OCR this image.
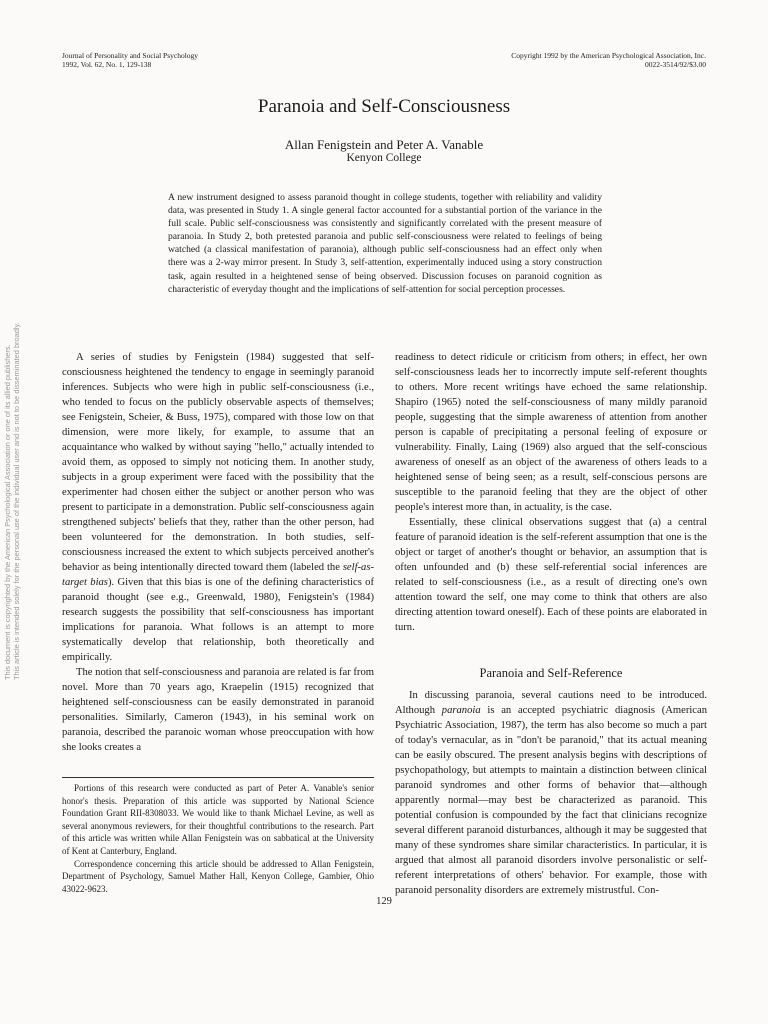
This document is copyrighted by the American Psychological Association or one of its allied publishers. This article is intended solely for the personal use of the individual user and is not to be disseminated broadly.
Journal of Personality and Social Psychology
1992, Vol. 62, No. 1, 129-138
Copyright 1992 by the American Psychological Association, Inc.
0022-3514/92/$3.00
Paranoia and Self-Consciousness
Allan Fenigstein and Peter A. Vanable
Kenyon College
A new instrument designed to assess paranoid thought in college students, together with reliability and validity data, was presented in Study 1. A single general factor accounted for a substantial portion of the variance in the full scale. Public self-consciousness was consistently and significantly correlated with the present measure of paranoia. In Study 2, both pretested paranoia and public self-consciousness were related to feelings of being watched (a classical manifestation of paranoia), although public self-consciousness had an effect only when there was a 2-way mirror present. In Study 3, self-attention, experimentally induced using a story construction task, again resulted in a heightened sense of being observed. Discussion focuses on paranoid cognition as characteristic of everyday thought and the implications of self-attention for social perception processes.

A series of studies by Fenigstein (1984) suggested that self-consciousness heightened the tendency to engage in seemingly paranoid inferences. Subjects who were high in public self-consciousness (i.e., who tended to focus on the publicly observable aspects of themselves; see Fenigstein, Scheier, & Buss, 1975), compared with those low on that dimension, were more likely, for example, to assume that an acquaintance who walked by without saying "hello," actually intended to avoid them, as opposed to simply not noticing them. In another study, subjects in a group experiment were faced with the possibility that the experimenter had chosen either the subject or another person who was present to participate in a demonstration. Public self-consciousness again strengthened subjects' beliefs that they, rather than the other person, had been volunteered for the demonstration. In both studies, self-consciousness increased the extent to which subjects perceived another's behavior as being intentionally directed toward them (labeled the self-as-target bias). Given that this bias is one of the defining characteristics of paranoid thought (see e.g., Greenwald, 1980), Fenigstein's (1984) research suggests the possibility that self-consciousness has important implications for paranoia. What follows is an attempt to more systematically develop that relationship, both theoretically and empirically.

The notion that self-consciousness and paranoia are related is far from novel. More than 70 years ago, Kraepelin (1915) recognized that heightened self-consciousness can be easily demonstrated in paranoid personalities. Similarly, Cameron (1943), in his seminal work on paranoia, described the paranoic woman whose preoccupation with how she looks creates a

readiness to detect ridicule or criticism from others; in effect, her own self-consciousness leads her to incorrectly impute self-referent thoughts to others. More recent writings have echoed the same relationship. Shapiro (1965) noted the self-consciousness of many mildly paranoid people, suggesting that the simple awareness of attention from another person is capable of precipitating a personal feeling of exposure or vulnerability. Finally, Laing (1969) also argued that the self-conscious awareness of oneself as an object of the awareness of others leads to a heightened sense of being seen; as a result, self-conscious persons are susceptible to the paranoid feeling that they are the object of other people's interest more than, in actuality, is the case.

Essentially, these clinical observations suggest that (a) a central feature of paranoid ideation is the self-referent assumption that one is the object or target of another's thought or behavior, an assumption that is often unfounded and (b) these self-referential social inferences are related to self-consciousness (i.e., as a result of directing one's own attention toward the self, one may come to think that others are also directing attention toward oneself). Each of these points are elaborated in turn.

Paranoia and Self-Reference

In discussing paranoia, several cautions need to be introduced. Although paranoia is an accepted psychiatric diagnosis (American Psychiatric Association, 1987), the term has also become so much a part of today's vernacular, as in "don't be paranoid," that its actual meaning can be easily obscured. The present analysis begins with descriptions of psychopathology, but attempts to maintain a distinction between clinical paranoid syndromes and other forms of behavior that—although apparently normal—may best be characterized as paranoid. This potential confusion is compounded by the fact that clinicians recognize several different paranoid disturbances, although it may be suggested that many of these syndromes share similar characteristics. In particular, it is argued that almost all paranoid disorders involve personalistic or self-referent interpretations of others' behavior. For example, those with paranoid personality disorders are extremely mistrustful. Con-

Portions of this research were conducted as part of Peter A. Vanable's senior honor's thesis. Preparation of this article was supported by National Science Foundation Grant RII-8308033. We would like to thank Michael Levine, as well as several anonymous reviewers, for their thoughtful contributions to the research. Part of this article was written while Allan Fenigstein was on sabbatical at the University of Kent at Canterbury, England.

Correspondence concerning this article should be addressed to Allan Fenigstein, Department of Psychology, Samuel Mather Hall, Kenyon College, Gambier, Ohio 43022-9623.

129
